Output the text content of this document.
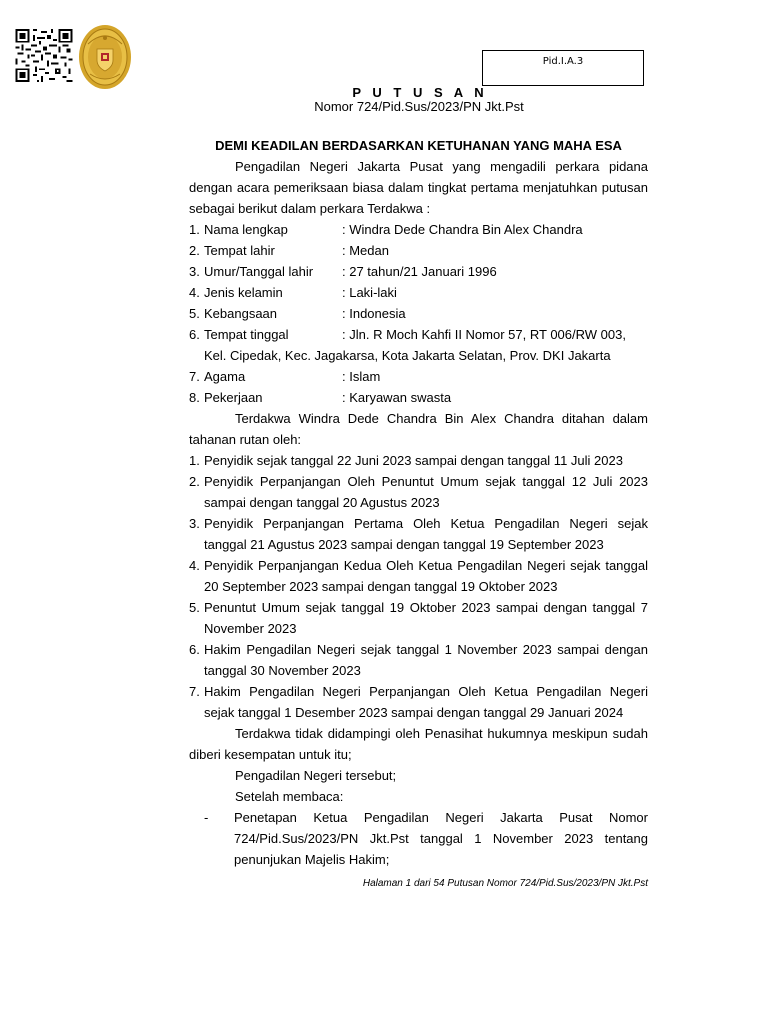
Pid.I.A.3
P U T U S A N
Nomor 724/Pid.Sus/2023/PN Jkt.Pst
DEMI KEADILAN BERDASARKAN KETUHANAN YANG MAHA ESA
Pengadilan Negeri Jakarta Pusat yang mengadili perkara pidana dengan acara pemeriksaan biasa dalam tingkat pertama menjatuhkan putusan sebagai berikut dalam perkara Terdakwa :
1. Nama lengkap	: Windra Dede Chandra Bin Alex Chandra
2. Tempat lahir	: Medan
3. Umur/Tanggal lahir	: 27 tahun/21 Januari 1996
4. Jenis kelamin	: Laki-laki
5. Kebangsaan	: Indonesia
6. Tempat tinggal	: Jln. R Moch Kahfi II Nomor 57, RT 006/RW 003,
Kel. Cipedak, Kec. Jagakarsa, Kota Jakarta Selatan, Prov. DKI Jakarta
7. Agama	: Islam
8. Pekerjaan	: Karyawan swasta
Terdakwa Windra Dede Chandra Bin Alex Chandra ditahan dalam tahanan rutan oleh:
1. Penyidik sejak tanggal 22 Juni 2023 sampai dengan tanggal 11 Juli 2023
2. Penyidik Perpanjangan Oleh Penuntut Umum sejak tanggal 12 Juli 2023 sampai dengan tanggal 20 Agustus 2023
3. Penyidik Perpanjangan Pertama Oleh Ketua Pengadilan Negeri sejak tanggal 21 Agustus 2023 sampai dengan tanggal 19 September 2023
4. Penyidik Perpanjangan Kedua Oleh Ketua Pengadilan Negeri sejak tanggal 20 September 2023 sampai dengan tanggal 19 Oktober 2023
5. Penuntut Umum sejak tanggal 19 Oktober 2023 sampai dengan tanggal 7 November 2023
6. Hakim Pengadilan Negeri sejak tanggal 1 November 2023 sampai dengan tanggal 30 November 2023
7. Hakim Pengadilan Negeri Perpanjangan Oleh Ketua Pengadilan Negeri sejak tanggal 1 Desember 2023 sampai dengan tanggal 29 Januari 2024
Terdakwa tidak didampingi oleh Penasihat hukumnya meskipun sudah diberi kesempatan untuk itu;
Pengadilan Negeri tersebut;
Setelah membaca:
-	Penetapan Ketua Pengadilan Negeri Jakarta Pusat Nomor 724/Pid.Sus/2023/PN Jkt.Pst tanggal 1 November 2023 tentang penunjukan Majelis Hakim;
Halaman 1 dari 54 Putusan Nomor 724/Pid.Sus/2023/PN Jkt.Pst
